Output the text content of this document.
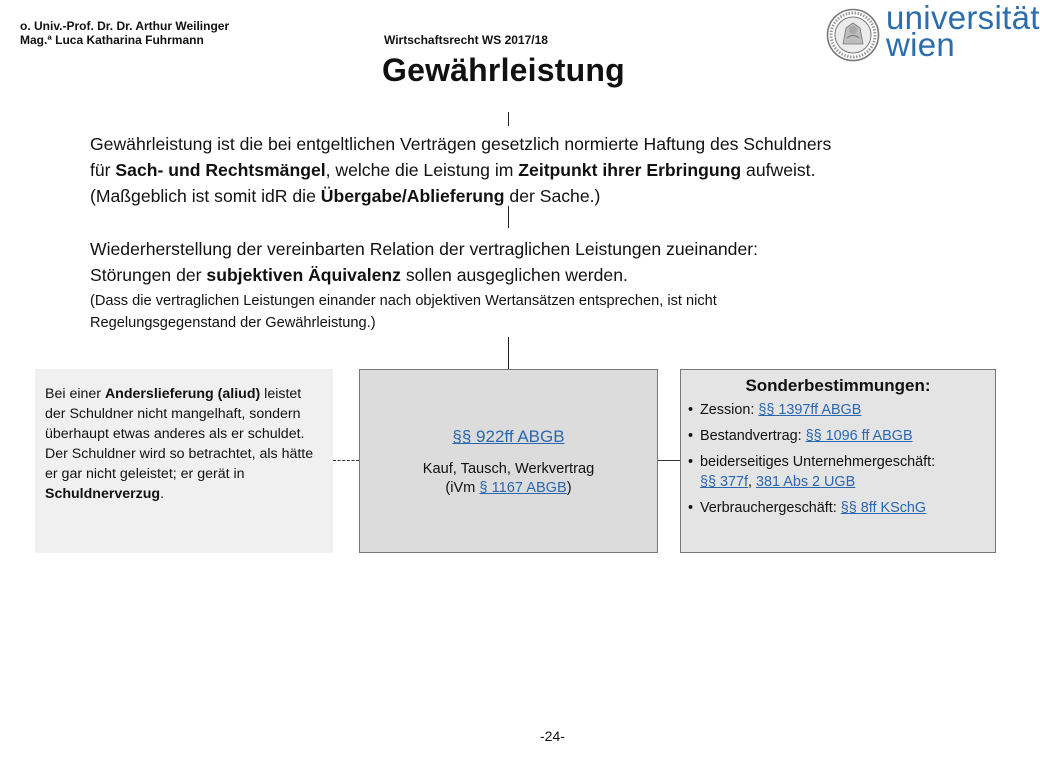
o. Univ.-Prof. Dr. Dr. Arthur Weilinger
Mag.ª Luca Katharina Fuhrmann	Wirtschaftsrecht WS 2017/18
Gewährleistung
universität
wien
Gewährleistung ist die bei entgeltlichen Verträgen gesetzlich normierte Haftung des Schuldners
für Sach- und Rechtsmängel, welche die Leistung im Zeitpunkt ihrer Erbringung aufweist.
(Maßgeblich ist somit idR die Übergabe/Ablieferung der Sache.)
Wiederherstellung der vereinbarten Relation der vertraglichen Leistungen zueinander:
Störungen der subjektiven Äquivalenz sollen ausgeglichen werden.
(Dass die vertraglichen Leistungen einander nach objektiven Wertansätzen entsprechen, ist nicht
Regelungsgegenstand der Gewährleistung.)
Bei einer Anderslieferung (aliud) leistet der Schuldner nicht mangelhaft, sondern überhaupt etwas anderes als er schuldet. Der Schuldner wird so betrachtet, als hätte er gar nicht geleistet; er gerät in Schuldnerverzug.
§§ 922ff ABGB
Kauf, Tausch, Werkvertrag
(iVm § 1167 ABGB)
Sonderbestimmungen:
• Zession: §§ 1397ff ABGB
• Bestandvertrag: §§ 1096 ff ABGB
• beiderseitiges Unternehmergeschäft:
§§ 377f, 381 Abs 2 UGB
• Verbrauchergeschäft: §§ 8ff KSchG
-24-
